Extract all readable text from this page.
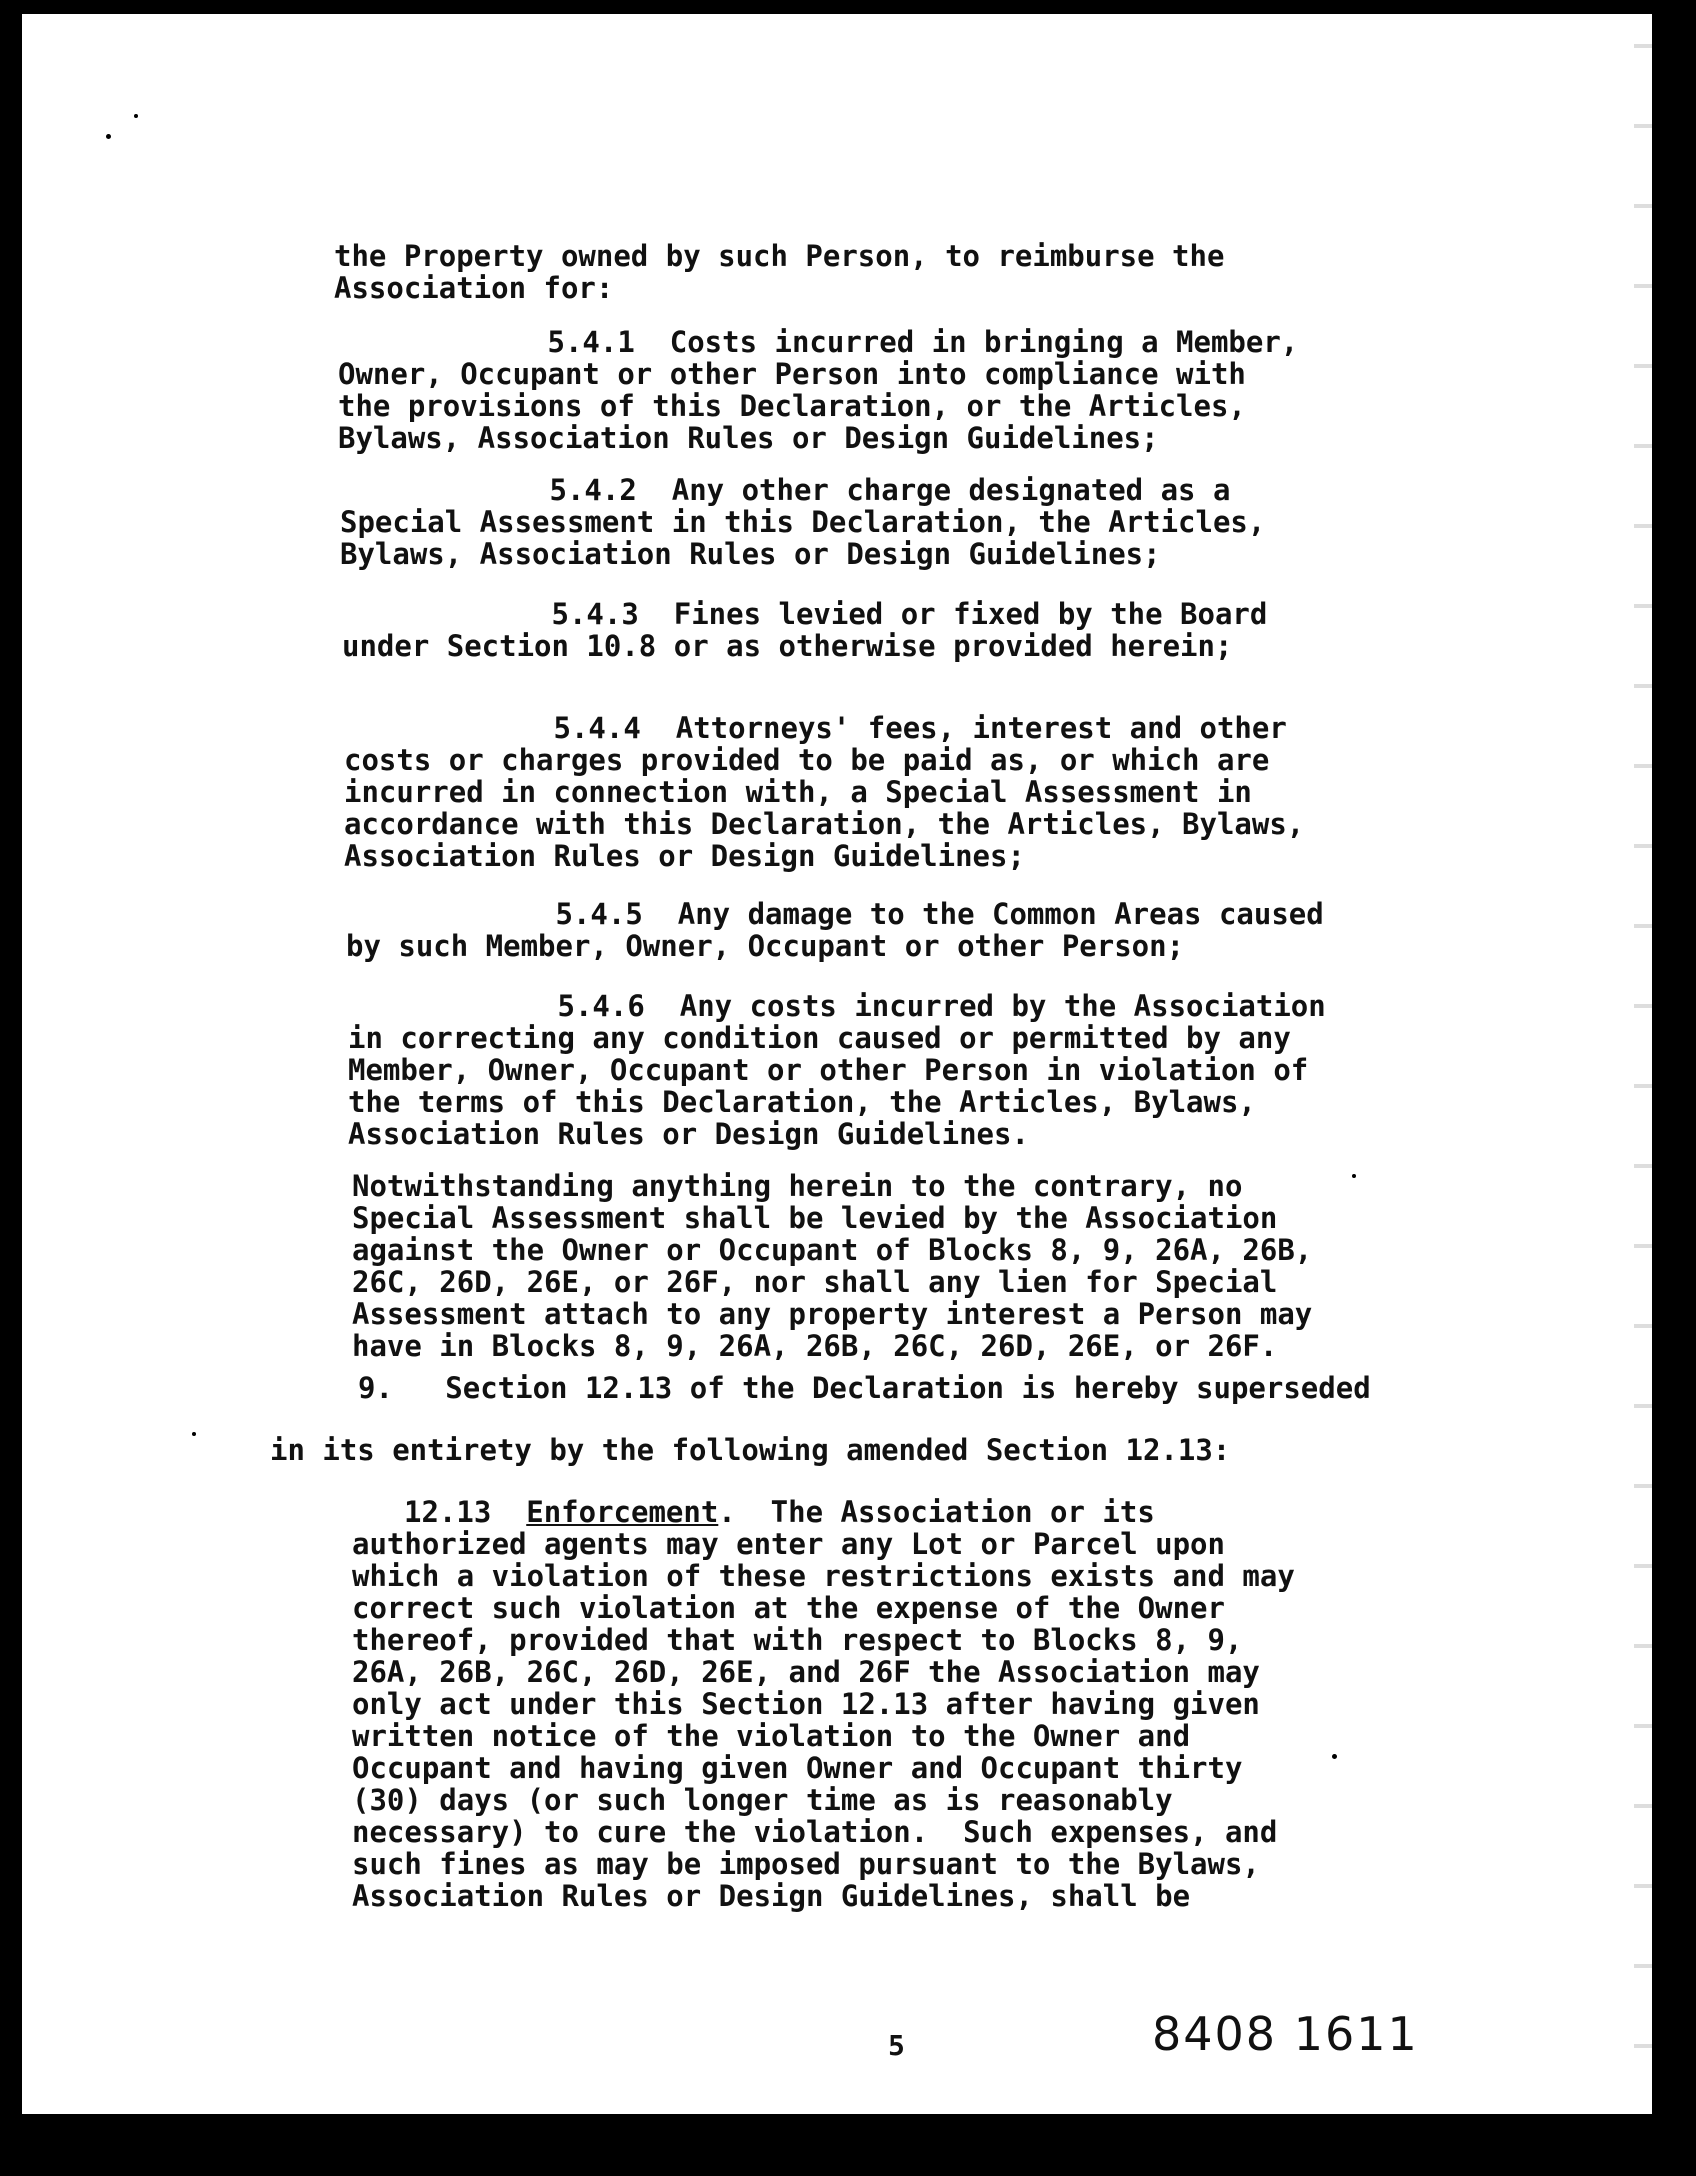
the Property owned by such Person, to reimburse the
Association for:

5.4.1  Costs incurred in bringing a Member,
Owner, Occupant or other Person into compliance with
the provisions of this Declaration, or the Articles,
Bylaws, Association Rules or Design Guidelines;

5.4.2  Any other charge designated as a
Special Assessment in this Declaration, the Articles,
Bylaws, Association Rules or Design Guidelines;

5.4.3  Fines levied or fixed by the Board
under Section 10.8 or as otherwise provided herein;

5.4.4  Attorneys' fees, interest and other
costs or charges provided to be paid as, or which are
incurred in connection with, a Special Assessment in
accordance with this Declaration, the Articles, Bylaws,
Association Rules or Design Guidelines;

5.4.5  Any damage to the Common Areas caused
by such Member, Owner, Occupant or other Person;

5.4.6  Any costs incurred by the Association
in correcting any condition caused or permitted by any
Member, Owner, Occupant or other Person in violation of
the terms of this Declaration, the Articles, Bylaws,
Association Rules or Design Guidelines.

Notwithstanding anything herein to the contrary, no
Special Assessment shall be levied by the Association
against the Owner or Occupant of Blocks 8, 9, 26A, 26B,
26C, 26D, 26E, or 26F, nor shall any lien for Special
Assessment attach to any property interest a Person may
have in Blocks 8, 9, 26A, 26B, 26C, 26D, 26E, or 26F.

9.   Section 12.13 of the Declaration is hereby superseded

in its entirety by the following amended Section 12.13:

12.13 Enforcement.  The Association or its

authorized agents may enter any Lot or Parcel upon
which a violation of these restrictions exists and may
correct such violation at the expense of the Owner
thereof, provided that with respect to Blocks 8, 9,
26A, 26B, 26C, 26D, 26E, and 26F the Association may
only act under this Section 12.13 after having given
written notice of the violation to the Owner and
Occupant and having given Owner and Occupant thirty
(30) days (or such longer time as is reasonably
necessary) to cure the violation.  Such expenses, and
such fines as may be imposed pursuant to the Bylaws,
Association Rules or Design Guidelines, shall be

5	8408 1611
